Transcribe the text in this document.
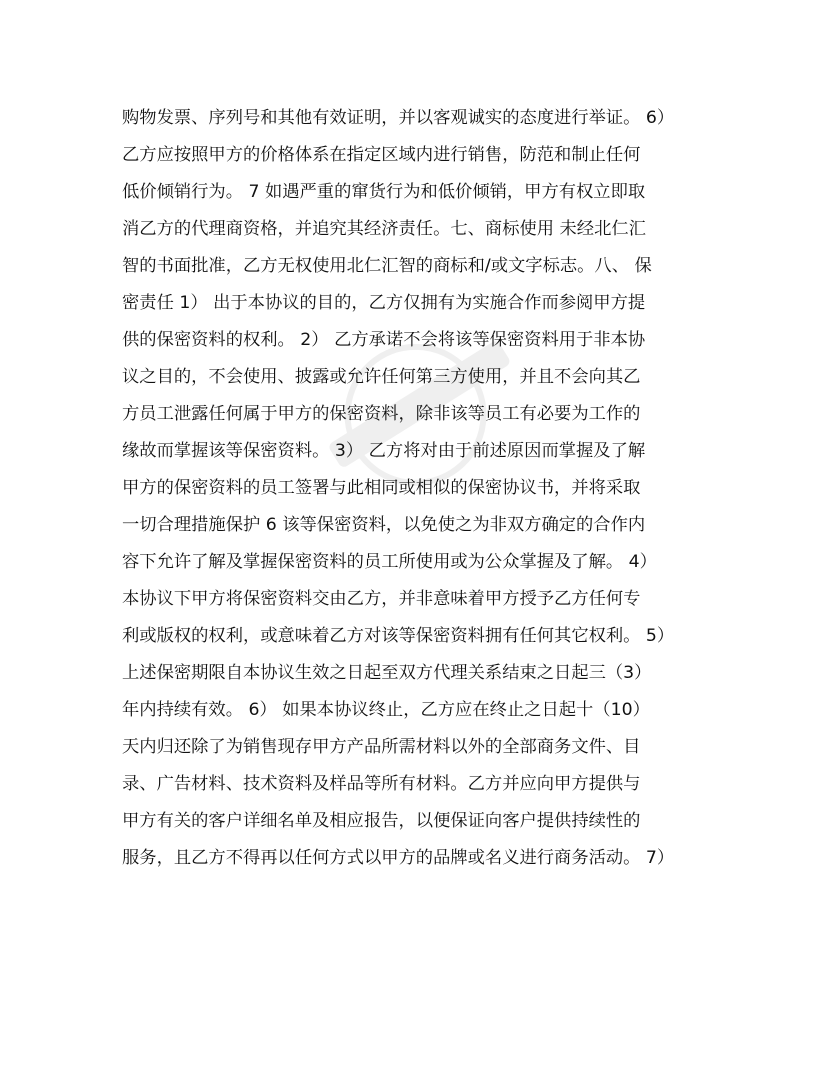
购物发票、序列号和其他有效证明，并以客观诚实的态度进行举证。 6）
乙方应按照甲方的价格体系在指定区域内进行销售，防范和制止任何
低价倾销行为。 7 如遇严重的窜货行为和低价倾销，甲方有权立即取
消乙方的代理商资格，并追究其经济责任。七、商标使用 未经北仁汇
智的书面批准，乙方无权使用北仁汇智的商标和/或文字标志。八、 保
密责任 1） 出于本协议的目的，乙方仅拥有为实施合作而参阅甲方提
供的保密资料的权利。 2） 乙方承诺不会将该等保密资料用于非本协
议之目的，不会使用、披露或允许任何第三方使用，并且不会向其乙
方员工泄露任何属于甲方的保密资料，除非该等员工有必要为工作的
缘故而掌握该等保密资料。 3） 乙方将对由于前述原因而掌握及了解
甲方的保密资料的员工签署与此相同或相似的保密协议书，并将采取
一切合理措施保护 6 该等保密资料，以免使之为非双方确定的合作内
容下允许了解及掌握保密资料的员工所使用或为公众掌握及了解。 4）
本协议下甲方将保密资料交由乙方，并非意味着甲方授予乙方任何专
利或版权的权利，或意味着乙方对该等保密资料拥有任何其它权利。 5）
上述保密期限自本协议生效之日起至双方代理关系结束之日起三（3）
年内持续有效。 6） 如果本协议终止，乙方应在终止之日起十（10）
天内归还除了为销售现存甲方产品所需材料以外的全部商务文件、目
录、广告材料、技术资料及样品等所有材料。乙方并应向甲方提供与
甲方有关的客户详细名单及相应报告，以便保证向客户提供持续性的
服务，且乙方不得再以任何方式以甲方的品牌或名义进行商务活动。 7）
